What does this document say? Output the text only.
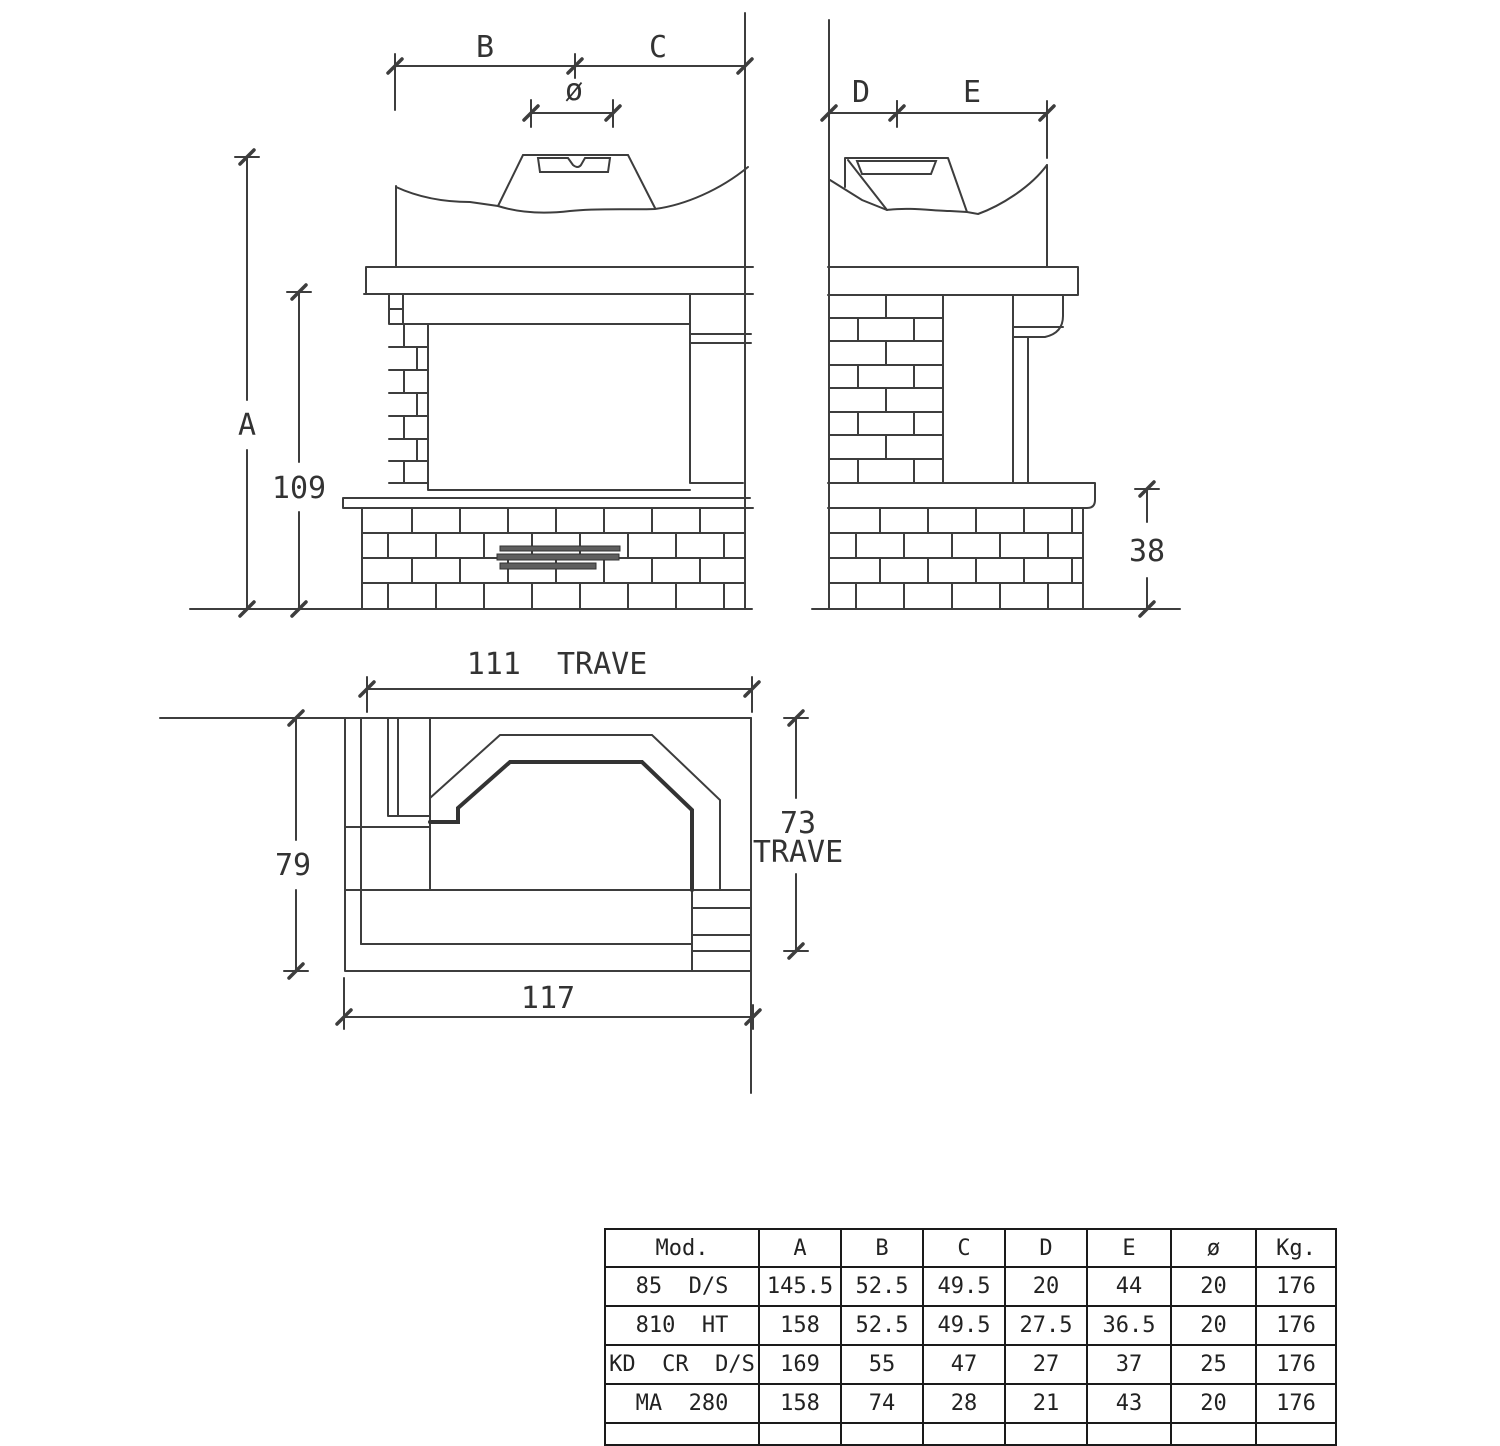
B	C
ø
A
109
D	E
38
111  TRAVE
79
73
TRAVE
117
Mod.	A	B	C	D	E	ø	Kg.
85  D/S	145.5	52.5	49.5	20	44	20	176
810  HT	158	52.5	49.5	27.5	36.5	20	176
KD  CR  D/S	169	55	47	27	37	25	176
MA  280	158	74	28	21	43	20	176
